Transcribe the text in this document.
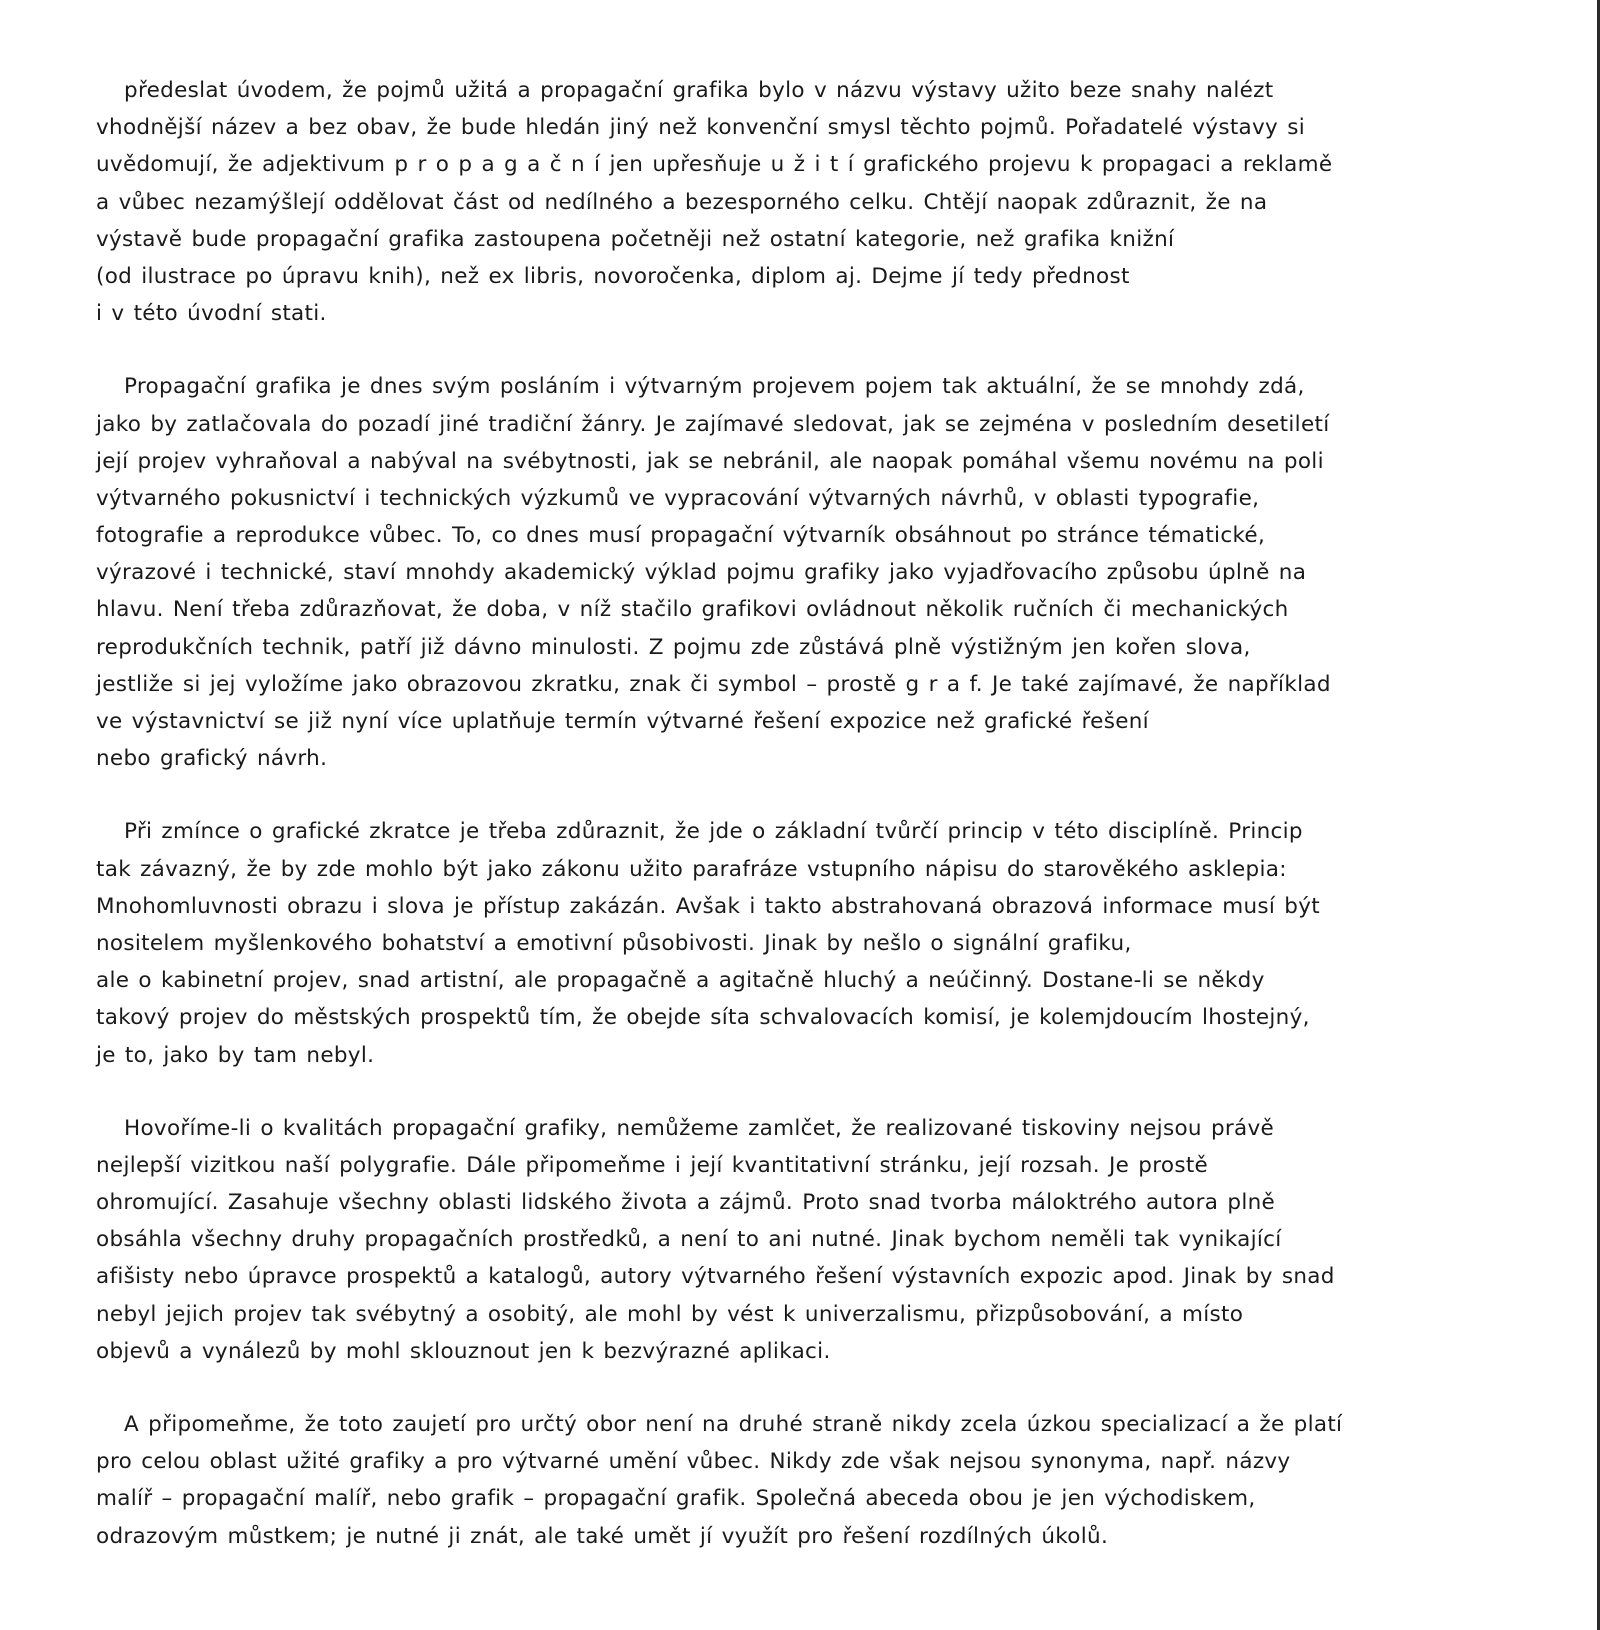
předeslat úvodem, že pojmů užitá a propagační grafika bylo v názvu výstavy užito beze snahy nalézt
vhodnější název a bez obav, že bude hledán jiný než konvenční smysl těchto pojmů. Pořadatelé výstavy si
uvědomují, že adjektivum p r o p a g a č n í jen upřesňuje u ž i t í grafického projevu k propagaci a reklamě
a vůbec nezamýšlejí oddělovat část od nedílného a bezesporného celku. Chtějí naopak zdůraznit, že na
výstavě bude propagační grafika zastoupena početněji než ostatní kategorie, než grafika knižní
(od ilustrace po úpravu knih), než ex libris, novoročenka, diplom aj. Dejme jí tedy přednost
i v této úvodní stati.
Propagační grafika je dnes svým posláním i výtvarným projevem pojem tak aktuální, že se mnohdy zdá,
jako by zatlačovala do pozadí jiné tradiční žánry. Je zajímavé sledovat, jak se zejména v posledním desetiletí
její projev vyhraňoval a nabýval na svébytnosti, jak se nebránil, ale naopak pomáhal všemu novému na poli
výtvarného pokusnictví i technických výzkumů ve vypracování výtvarných návrhů, v oblasti typografie,
fotografie a reprodukce vůbec. To, co dnes musí propagační výtvarník obsáhnout po stránce tématické,
výrazové i technické, staví mnohdy akademický výklad pojmu grafiky jako vyjadřovacího způsobu úplně na
hlavu. Není třeba zdůrazňovat, že doba, v níž stačilo grafikovi ovládnout několik ručních či mechanických
reprodukčních technik, patří již dávno minulosti. Z pojmu zde zůstává plně výstižným jen kořen slova,
jestliže si jej vyložíme jako obrazovou zkratku, znak či symbol – prostě g r a f. Je také zajímavé, že například
ve výstavnictví se již nyní více uplatňuje termín výtvarné řešení expozice než grafické řešení
nebo grafický návrh.
Při zmínce o grafické zkratce je třeba zdůraznit, že jde o základní tvůrčí princip v této disciplíně. Princip
tak závazný, že by zde mohlo být jako zákonu užito parafráze vstupního nápisu do starověkého asklepia:
Mnohomluvnosti obrazu i slova je přístup zakázán. Avšak i takto abstrahovaná obrazová informace musí být
nositelem myšlenkového bohatství a emotivní působivosti. Jinak by nešlo o signální grafiku,
ale o kabinetní projev, snad artistní, ale propagačně a agitačně hluchý a neúčinný. Dostane-li se někdy
takový projev do městských prospektů tím, že obejde síta schvalovacích komisí, je kolemjdoucím lhostejný,
je to, jako by tam nebyl.
Hovoříme-li o kvalitách propagační grafiky, nemůžeme zamlčet, že realizované tiskoviny nejsou právě
nejlepší vizitkou naší polygrafie. Dále připomeňme i její kvantitativní stránku, její rozsah. Je prostě
ohromující. Zasahuje všechny oblasti lidského života a zájmů. Proto snad tvorba máloktrého autora plně
obsáhla všechny druhy propagačních prostředků, a není to ani nutné. Jinak bychom neměli tak vynikající
afišisty nebo úpravce prospektů a katalogů, autory výtvarného řešení výstavních expozic apod. Jinak by snad
nebyl jejich projev tak svébytný a osobitý, ale mohl by vést k univerzalismu, přizpůsobování, a místo
objevů a vynálezů by mohl sklouznout jen k bezvýrazné aplikaci.
A připomeňme, že toto zaujetí pro určtý obor není na druhé straně nikdy zcela úzkou specializací a že platí
pro celou oblast užité grafiky a pro výtvarné umění vůbec. Nikdy zde však nejsou synonyma, např. názvy
malíř – propagační malíř, nebo grafik – propagační grafik. Společná abeceda obou je jen východiskem,
odrazovým můstkem; je nutné ji znát, ale také umět jí využít pro řešení rozdílných úkolů.
